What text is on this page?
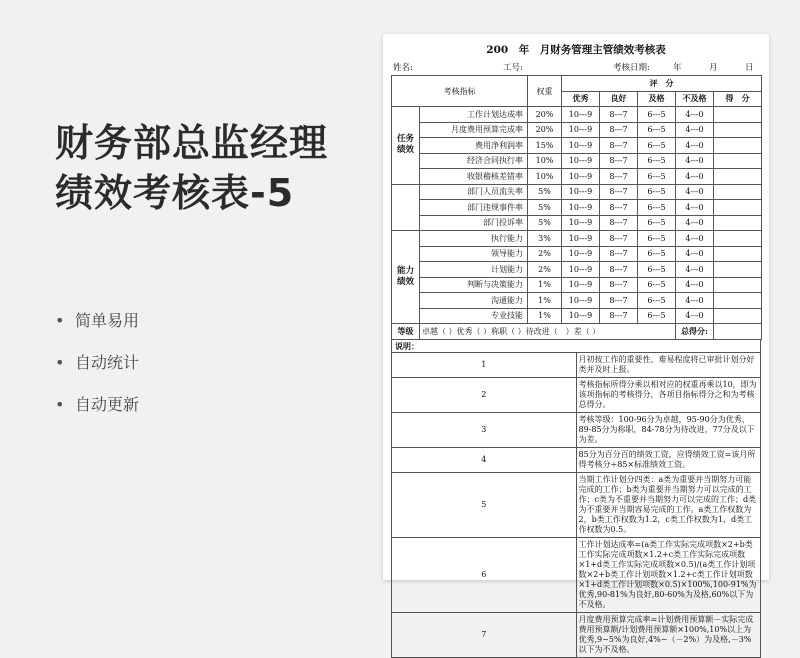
财务部总监经理
绩效考核表-5
• 简单易用
• 自动统计
• 自动更新
200　年　月财务管理主管绩效考核表
姓名:	工号:	考核日期:	年	月	日
考核指标		权重	评　分				
			优秀	良好	及格	不及格	得　分
任务绩效	工作计划达成率	20%	10---9	8---7	6---5	4---0	
	月度费用预算完成率	20%	10---9	8---7	6---5	4---0	
	费用净利润率	15%	10---9	8---7	6---5	4---0	
	经济合同执行率	10%	10---9	8---7	6---5	4---0	
	收银稽核差错率	10%	10---9	8---7	6---5	4---0	
	部门人员流失率	5%	10---9	8---7	6---5	4---0	
	部门违规事件率	5%	10---9	8---7	6---5	4---0	
	部门投诉率	5%	10---9	8---7	6---5	4---0	
能力绩效	执行能力	3%	10---9	8---7	6---5	4---0	
	领导能力	2%	10---9	8---7	6---5	4---0	
	计划能力	2%	10---9	8---7	6---5	4---0	
	判断与决策能力	1%	10---9	8---7	6---5	4---0	
	沟通能力	1%	10---9	8---7	6---5	4---0	
	专业技能	1%	10---9	8---7	6---5	4---0	
等级	卓越（ ）优秀（ ）称职（ ）待改进（　）差（ ）					总得分:	
说明：	
1	月初按工作的重要性、难易程度将已审批计划分好类并及时上报。
2	考核指标所得分乘以相对应的权重再乘以10，即为该项指标的考核得分，各项目指标得分之和为考核总得分。
3	考核等级：100-96分为卓越，95-90分为优秀，89-85分为称职，84-78分为待改进，77分及以下为差。
4	85分为百分百的绩效工资，应得绩效工资=该月所得考核分÷85×标准绩效工资。
5	当期工作计划分四类：a类为重要并当期努力可能完成的工作；b类为重要并当期努力可以完成的工作；c类为不重要并当期努力可以完成的工作；d类为不重要并当期容易完成的工作。a类工作权数为2，b类工作权数为1.2，c类工作权数为1，d类工作权数为0.5。
6	工作计划达成率=(a类工作实际完成项数×2+b类工作实际完成项数×1.2+c类工作实际完成项数×1+d类工作实际完成项数×0.5)/(a类工作计划项数×2+b类工作计划项数×1.2+c类工作计划项数×1+d类工作计划项数×0.5)×100%,100-91%为优秀,90-81%为良好,80-60%为及格,60%以下为不及格。
7	月度费用预算完成率=计划费用预算额－实际完成费用预算额/计划费用预算额×100%,10%以上为优秀,9~5%为良好,4%~（－2%）为及格,－3%以下为不及格。
